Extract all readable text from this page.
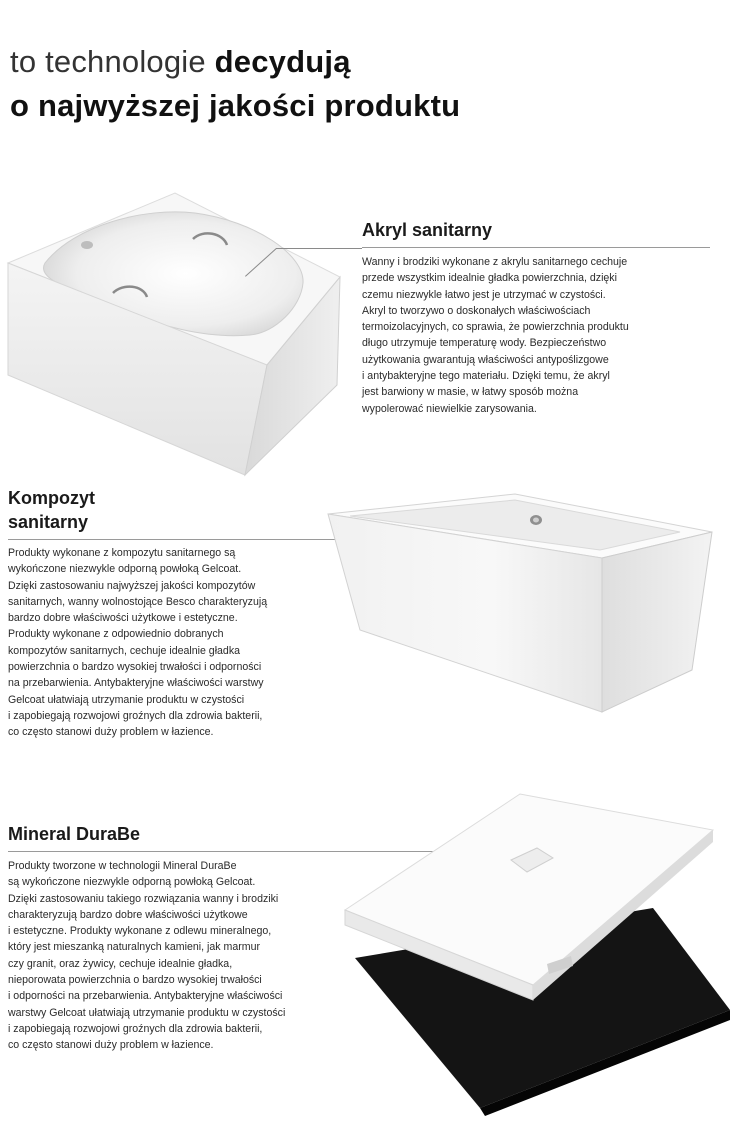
to technologie decydują
o najwyższej jakości produktu
Akryl sanitarny
Wanny i brodziki wykonane z akrylu sanitarnego cechuje
przede wszystkim idealnie gładka powierzchnia, dzięki
czemu niezwykle łatwo jest je utrzymać w czystości.
Akryl to tworzywo o doskonałych właściwościach
termoizolacyjnych, co sprawia, że powierzchnia produktu
długo utrzymuje temperaturę wody. Bezpieczeństwo
użytkowania gwarantują właściwości antypoślizgowe
i antybakteryjne tego materiału. Dzięki temu, że akryl
jest barwiony w masie, w łatwy sposób można
wypolerować niewielkie zarysowania.
Kompozyt
sanitarny
Produkty wykonane z kompozytu sanitarnego są
wykończone niezwykle odporną powłoką Gelcoat.
Dzięki zastosowaniu najwyższej jakości kompozytów
sanitarnych, wanny wolnostojące Besco charakteryzują
bardzo dobre właściwości użytkowe i estetyczne.
Produkty wykonane z odpowiednio dobranych
kompozytów sanitarnych, cechuje idealnie gładka
powierzchnia o bardzo wysokiej trwałości i odporności
na przebarwienia. Antybakteryjne właściwości warstwy
Gelcoat ułatwiają utrzymanie produktu w czystości
i zapobiegają rozwojowi groźnych dla zdrowia bakterii,
co często stanowi duży problem w łazience.
Mineral DuraBe
Produkty tworzone w technologii Mineral DuraBe
są wykończone niezwykle odporną powłoką Gelcoat.
Dzięki zastosowaniu takiego rozwiązania wanny i brodziki
charakteryzują bardzo dobre właściwości użytkowe
i estetyczne. Produkty wykonane z odlewu mineralnego,
który jest mieszanką naturalnych kamieni, jak marmur
czy granit, oraz żywicy, cechuje idealnie gładka,
nieporowata powierzchnia o bardzo wysokiej trwałości
i odporności na przebarwienia. Antybakteryjne właściwości
warstwy Gelcoat ułatwiają utrzymanie produktu w czystości
i zapobiegają rozwojowi groźnych dla zdrowia bakterii,
co często stanowi duży problem w łazience.
